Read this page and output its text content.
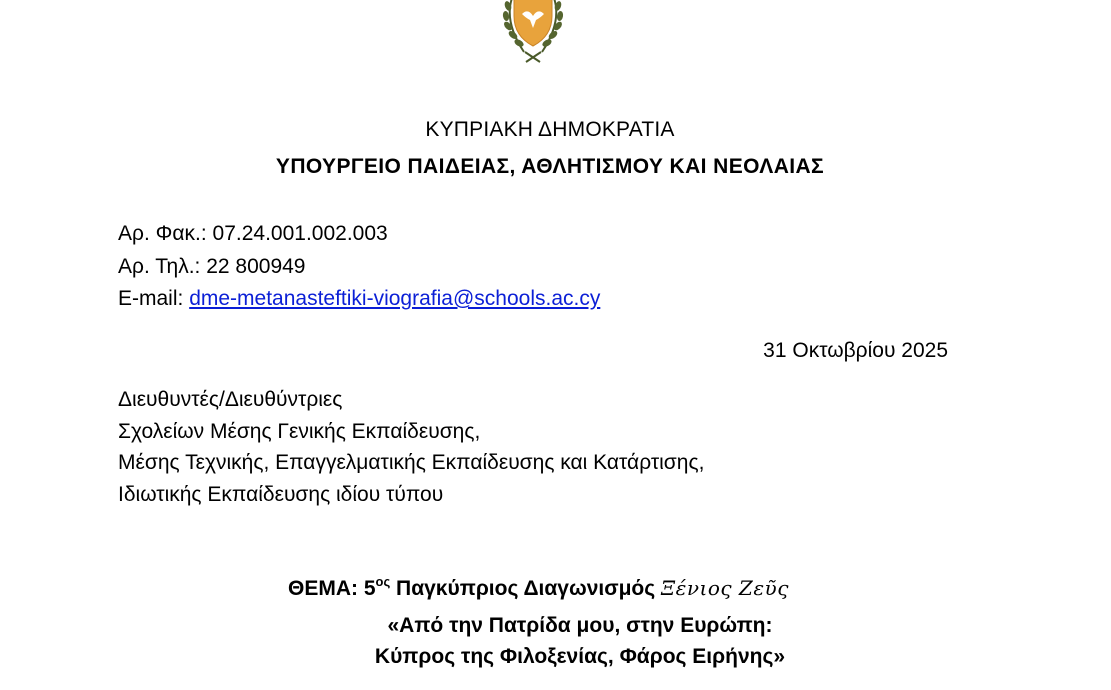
ΚΥΠΡΙΑΚΗ ΔΗΜΟΚΡΑΤΙΑ
ΥΠΟΥΡΓΕΙΟ ΠΑΙΔΕΙΑΣ, ΑΘΛΗΤΙΣΜΟΥ ΚΑΙ ΝΕΟΛΑΙΑΣ
Αρ. Φακ.: 07.24.001.002.003
Αρ. Τηλ.: 22 800949
E-mail: dme-metanasteftiki-viografia@schools.ac.cy
31 Οκτωβρίου 2025
Διευθυντές/Διευθύντριες
Σχολείων Μέσης Γενικής Εκπαίδευσης,
Μέσης Τεχνικής, Επαγγελματικής Εκπαίδευσης και Κατάρτισης,
Ιδιωτικής Εκπαίδευσης ιδίου τύπου
ΘΕΜΑ: $5^{o\varsigma}$ Παγκύπριος Διαγωνισμός Ξένιος Ζεῦς
«Από την Πατρίδα μου, στην Ευρώπη:
Κύπρος της Φιλοξενίας, Φάρος Ειρήνης»
